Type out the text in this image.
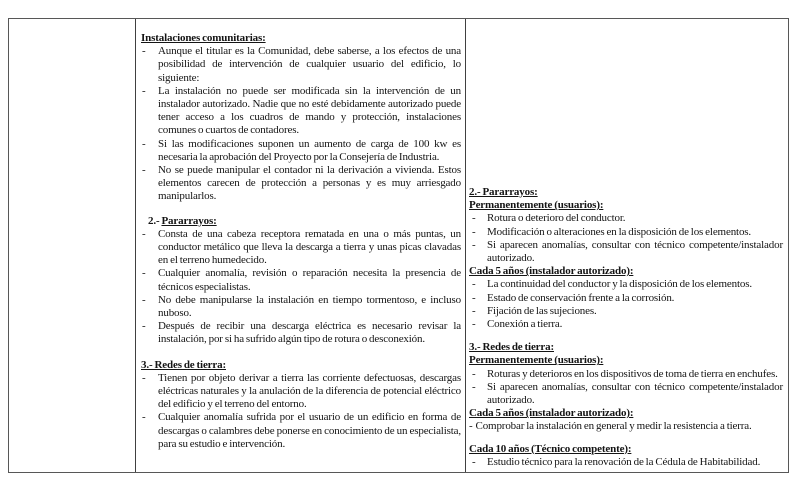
Instalaciones comunitarias:
- Aunque el titular es la Comunidad, debe saberse, a los efectos de una posibilidad de intervención de cualquier usuario del edificio, lo siguiente:
- La instalación no puede ser modificada sin la intervención de un instalador autorizado. Nadie que no esté debidamente autorizado puede tener acceso a los cuadros de mando y protección, instalaciones comunes o cuartos de contadores.
- Si las modificaciones suponen un aumento de carga de 100 kw es necesaria la aprobación del Proyecto por la Consejería de Industria.
- No se puede manipular el contador ni la derivación a vivienda. Estos elementos carecen de protección a personas y es muy arriesgado manipularlos.
2.- Pararrayos:
- Consta de una cabeza receptora rematada en una o más puntas, un conductor metálico que lleva la descarga a tierra y unas picas clavadas en el terreno humedecido.
- Cualquier anomalía, revisión o reparación necesita la presencia de técnicos especialistas.
- No debe manipularse la instalación en tiempo tormentoso, e incluso nuboso.
- Después de recibir una descarga eléctrica es necesario revisar la instalación, por si ha sufrido algún tipo de rotura o desconexión.
3.- Redes de tierra:
- Tienen por objeto derivar a tierra las corriente defectuosas, descargas eléctricas naturales y la anulación de la diferencia de potencial eléctrico del edificio y el terreno del entorno.
- Cualquier anomalía sufrida por el usuario de un edificio en forma de descargas o calambres debe ponerse en conocimiento de un especialista, para su estudio e intervención.
2.- Pararrayos:
Permanentemente (usuarios):
- Rotura o deterioro del conductor.
- Modificación o alteraciones en la disposición de los elementos.
- Si aparecen anomalías, consultar con técnico competente/instalador autorizado.
Cada 5 años (instalador autorizado):
- La continuidad del conductor y la disposición de los elementos.
- Estado de conservación frente a la corrosión.
- Fijación de las sujeciones.
- Conexión a tierra.
3.- Redes de tierra:
Permanentemente (usuarios):
- Roturas y deterioros en los dispositivos de toma de tierra en enchufes.
- Si aparecen anomalías, consultar con técnico competente/instalador autorizado.
Cada 5 años (instalador autorizado):
- Comprobar la instalación en general y medir la resistencia a tierra.
Cada 10 años (Técnico competente):
- Estudio técnico para la renovación de la Cédula de Habitabilidad.
